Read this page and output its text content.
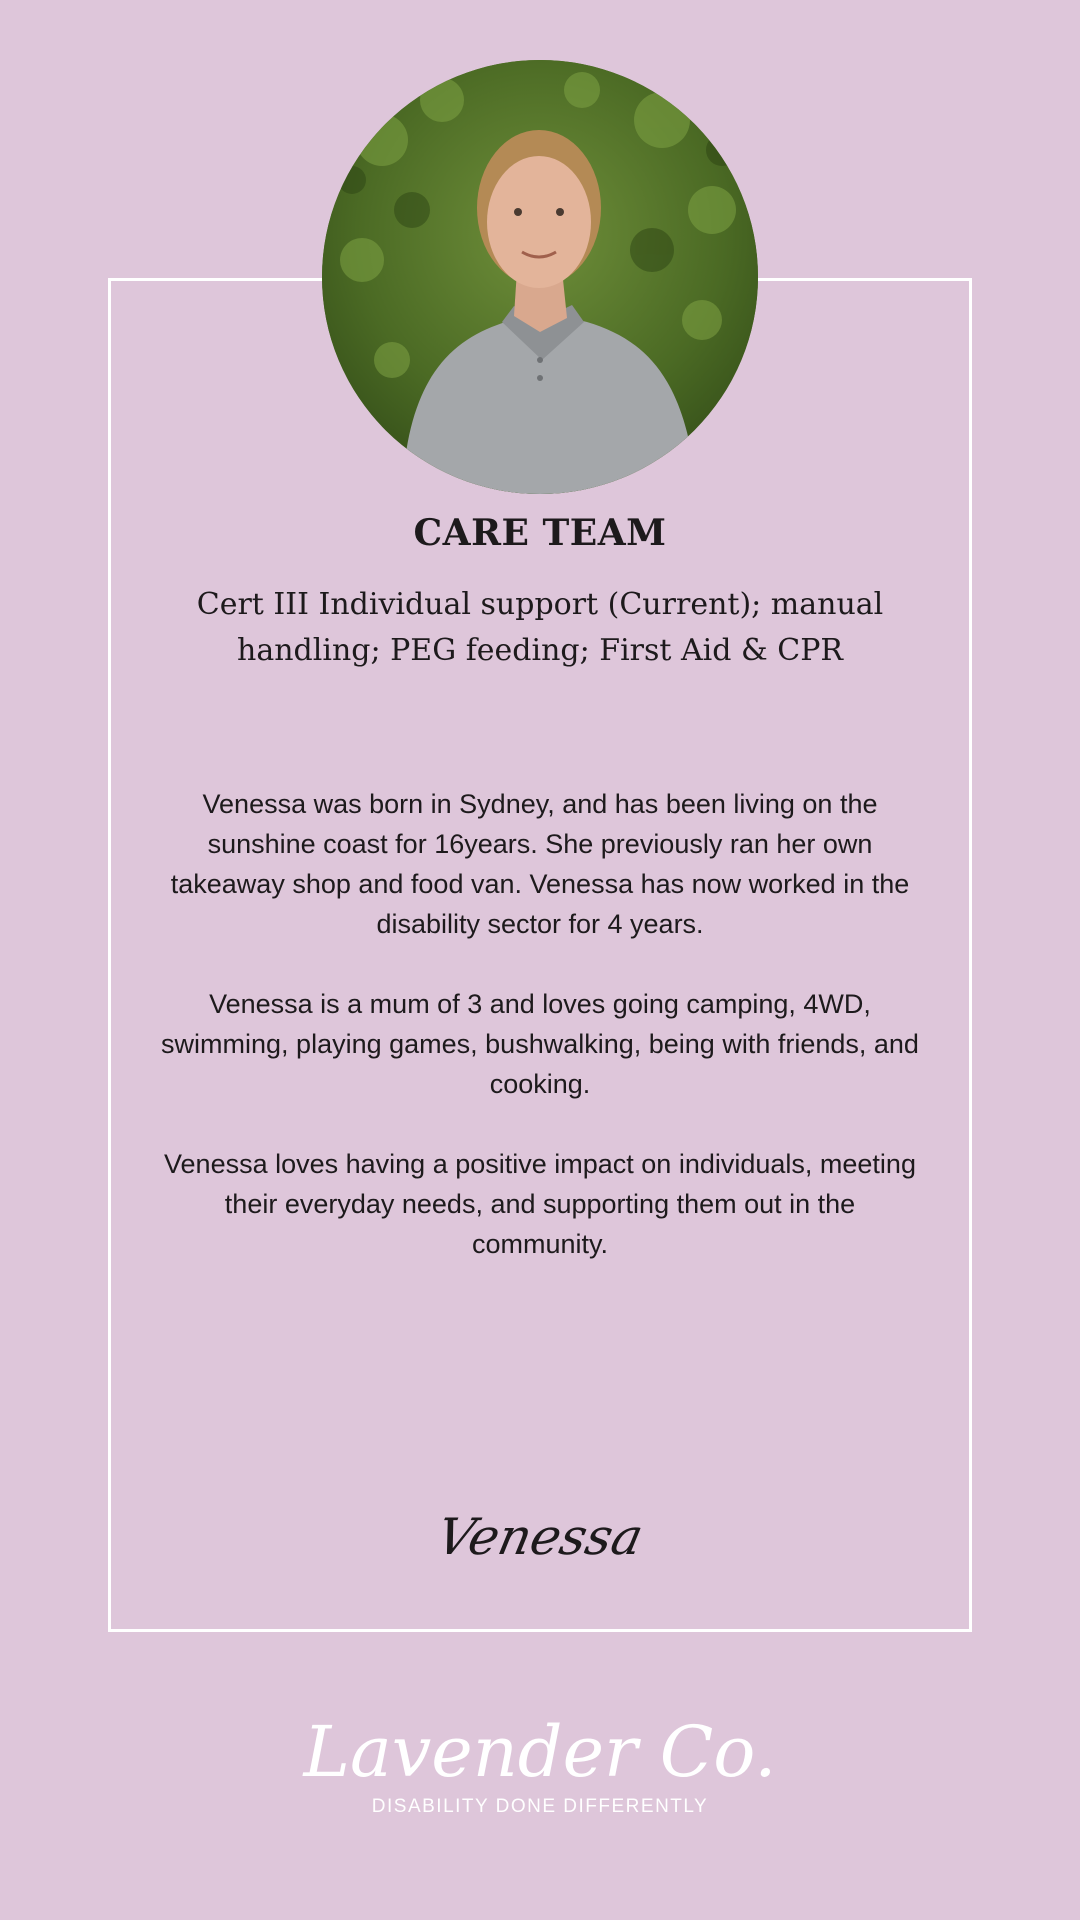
CARE TEAM

Cert III Individual support (Current); manual handling; PEG feeding; First Aid & CPR

Venessa was born in Sydney, and has been living on the sunshine coast for 16years. She previously ran her own takeaway shop and food van. Venessa has now worked in the disability sector for 4 years.

Venessa is a mum of 3 and loves going camping, 4WD, swimming, playing games, bushwalking, being with friends, and cooking.

Venessa loves having a positive impact on individuals, meeting their everyday needs, and supporting them out in the community.

Venessa
Lavender Co.
DISABILITY DONE DIFFERENTLY
